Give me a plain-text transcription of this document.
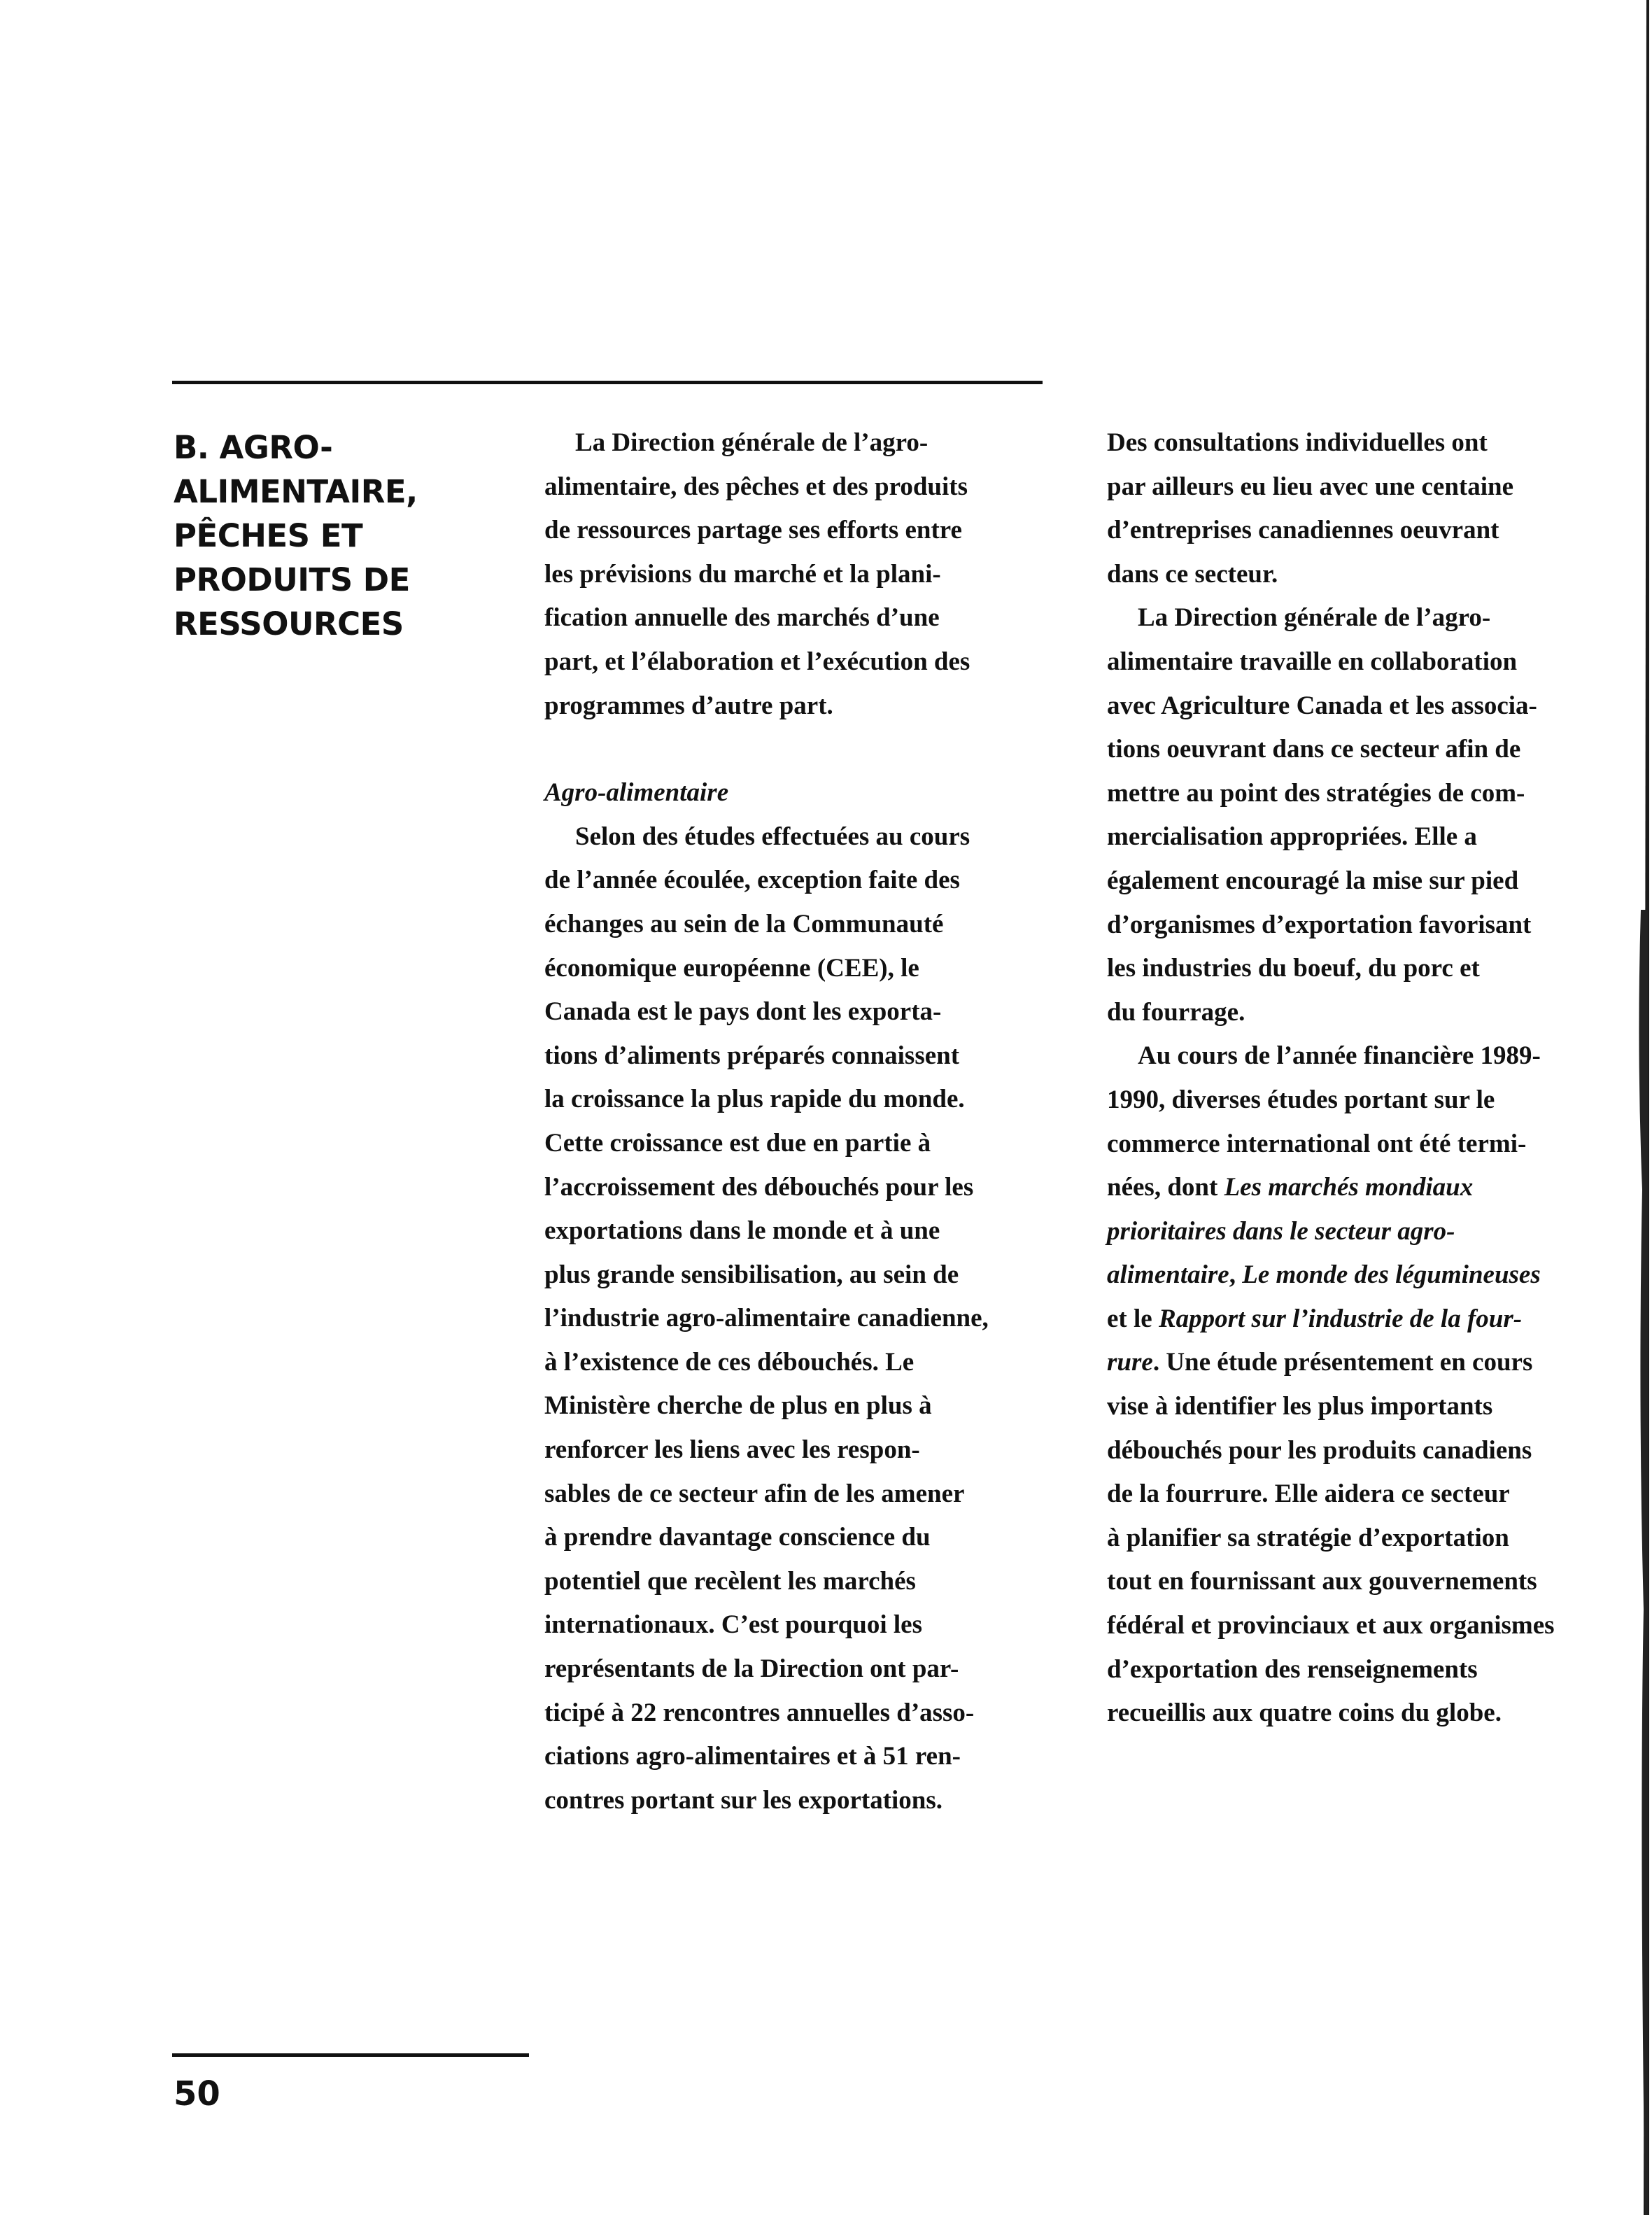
B. AGRO-
ALIMENTAIRE,
PÊCHES ET
PRODUITS DE
RESSOURCES
La Direction générale de l’agro-
alimentaire, des pêches et des produits
de ressources partage ses efforts entre
les prévisions du marché et la plani-
fication annuelle des marchés d’une
part, et l’élaboration et l’exécution des
programmes d’autre part.
Agro-alimentaire
Selon des études effectuées au cours
de l’année écoulée, exception faite des
échanges au sein de la Communauté
économique européenne (CEE), le
Canada est le pays dont les exporta-
tions d’aliments préparés connaissent
la croissance la plus rapide du monde.
Cette croissance est due en partie à
l’accroissement des débouchés pour les
exportations dans le monde et à une
plus grande sensibilisation, au sein de
l’industrie agro-alimentaire canadienne,
à l’existence de ces débouchés. Le
Ministère cherche de plus en plus à
renforcer les liens avec les respon-
sables de ce secteur afin de les amener
à prendre davantage conscience du
potentiel que recèlent les marchés
internationaux. C’est pourquoi les
représentants de la Direction ont par-
ticipé à 22 rencontres annuelles d’asso-
ciations agro-alimentaires et à 51 ren-
contres portant sur les exportations.
Des consultations individuelles ont
par ailleurs eu lieu avec une centaine
d’entreprises canadiennes oeuvrant
dans ce secteur.
La Direction générale de l’agro-
alimentaire travaille en collaboration
avec Agriculture Canada et les associa-
tions oeuvrant dans ce secteur afin de
mettre au point des stratégies de com-
mercialisation appropriées. Elle a
également encouragé la mise sur pied
d’organismes d’exportation favorisant
les industries du boeuf, du porc et
du fourrage.
Au cours de l’année financière 1989-
1990, diverses études portant sur le
commerce international ont été termi-
nées, dont Les marchés mondiaux
prioritaires dans le secteur agro-
alimentaire, Le monde des légumineuses
et le Rapport sur l’industrie de la four-
rure. Une étude présentement en cours
vise à identifier les plus importants
débouchés pour les produits canadiens
de la fourrure. Elle aidera ce secteur
à planifier sa stratégie d’exportation
tout en fournissant aux gouvernements
fédéral et provinciaux et aux organismes
d’exportation des renseignements
recueillis aux quatre coins du globe.
50
